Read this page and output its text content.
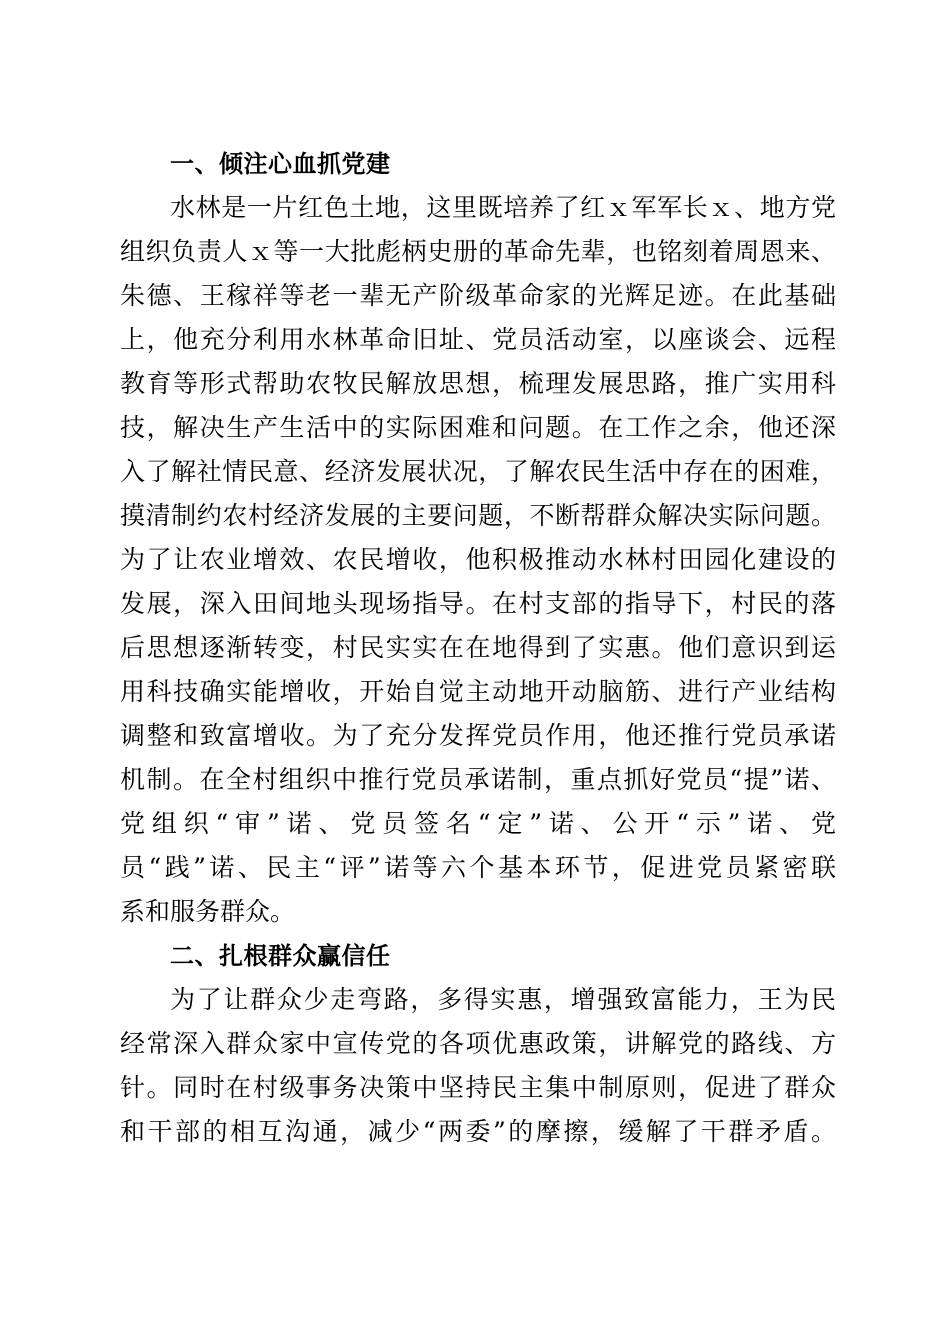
一、倾注心血抓党建
水林是一片红色土地，这里既培养了红ｘ军军长ｘ、地方党
组织负责人ｘ等一大批彪柄史册的革命先辈，也铭刻着周恩来、
朱德、王稼祥等老一辈无产阶级革命家的光辉足迹。在此基础
上，他充分利用水林革命旧址、党员活动室，以座谈会、远程
教育等形式帮助农牧民解放思想，梳理发展思路，推广实用科
技，解决生产生活中的实际困难和问题。在工作之余，他还深
入了解社情民意、经济发展状况，了解农民生活中存在的困难，
摸清制约农村经济发展的主要问题，不断帮群众解决实际问题。
为了让农业增效、农民增收，他积极推动水林村田园化建设的
发展，深入田间地头现场指导。在村支部的指导下，村民的落
后思想逐渐转变，村民实实在在地得到了实惠。他们意识到运
用科技确实能增收，开始自觉主动地开动脑筋、进行产业结构
调整和致富增收。为了充分发挥党员作用，他还推行党员承诺
机制。在全村组织中推行党员承诺制，重点抓好党员“提”诺、
党组织“审”诺、党员签名“定”诺、公开“示”诺、党
员“践”诺、民主“评”诺等六个基本环节，促进党员紧密联
系和服务群众。
二、扎根群众赢信任
为了让群众少走弯路，多得实惠，增强致富能力，王为民
经常深入群众家中宣传党的各项优惠政策，讲解党的路线、方
针。同时在村级事务决策中坚持民主集中制原则，促进了群众
和干部的相互沟通，减少“两委”的摩擦，缓解了干群矛盾。
